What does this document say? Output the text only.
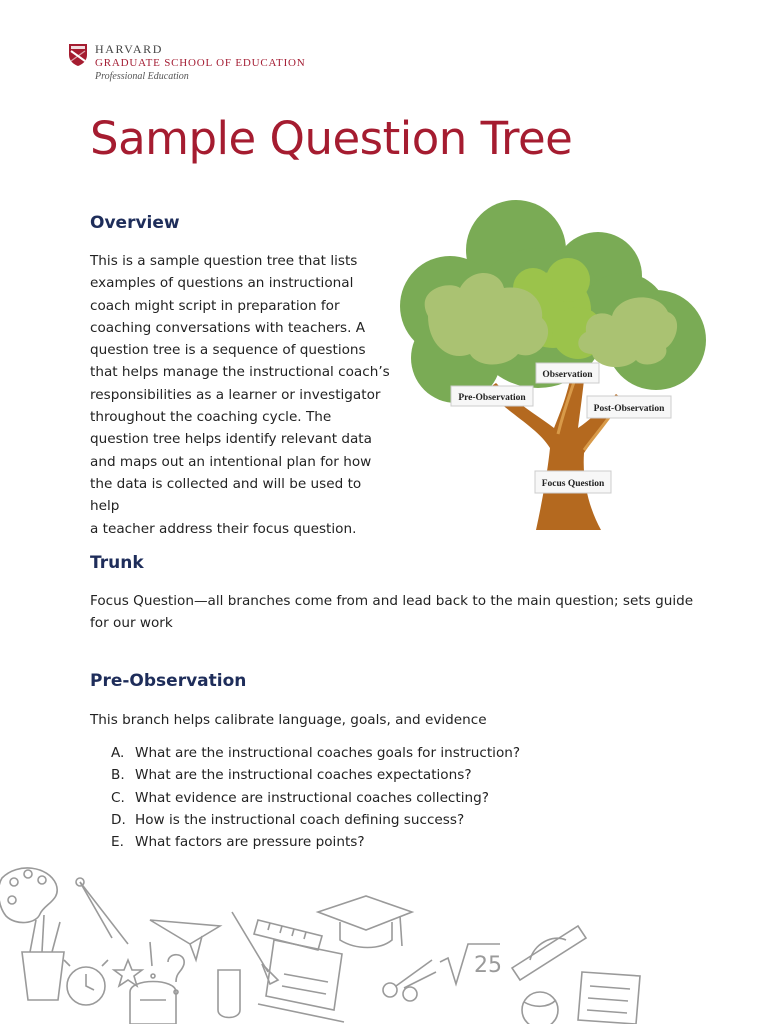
HARVARD
GRADUATE SCHOOL OF EDUCATION
Professional Education
Sample Question Tree
Overview
This is a sample question tree that lists
examples of questions an instructional
coach might script in preparation for
coaching conversations with teachers. A
question tree is a sequence of questions
that helps manage the instructional coach’s
responsibilities as a learner or investigator
throughout the coaching cycle. The
question tree helps identify relevant data
and maps out an intentional plan for how
the data is collected and will be used to help
a teacher address their focus question.
Observation
Pre-Observation
Post-Observation
Focus Question
Trunk
Focus Question—all branches come from and lead back to the main question; sets guide
for our work
Pre-Observation

This branch helps calibrate language, goals, and evidence

A. What are the instructional coaches goals for instruction?
B. What are the instructional coaches expectations?
C. What evidence are instructional coaches collecting?
D. How is the instructional coach defining success?
E. What factors are pressure points?
25
